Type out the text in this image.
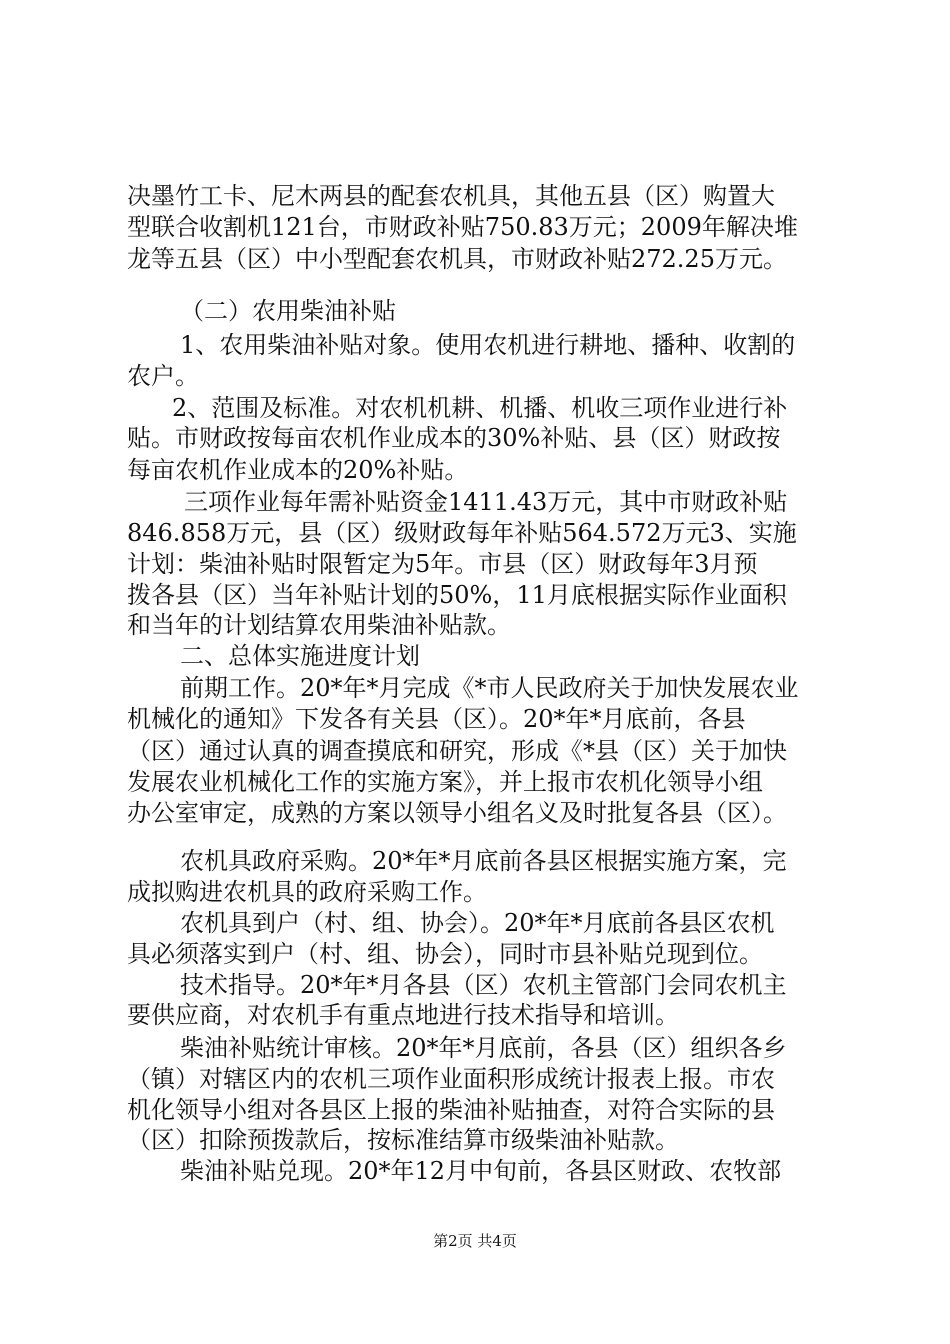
决墨竹工卡、尼木两县的配套农机具，其他五县（区）购置大
型联合收割机121台，市财政补贴750.83万元；2009年解决堆
龙等五县（区）中小型配套农机具，市财政补贴272.25万元。
（二）农用柴油补贴
1、农用柴油补贴对象。使用农机进行耕地、播种、收割的
农户。
2、范围及标准。对农机机耕、机播、机收三项作业进行补
贴。市财政按每亩农机作业成本的30%补贴、县（区）财政按
每亩农机作业成本的20%补贴。
三项作业每年需补贴资金1411.43万元，其中市财政补贴
846.858万元，县（区）级财政每年补贴564.572万元3、实施
计划：柴油补贴时限暂定为5年。市县（区）财政每年3月预
拨各县（区）当年补贴计划的50%，11月底根据实际作业面积
和当年的计划结算农用柴油补贴款。
二、总体实施进度计划
前期工作。20*年*月完成《*市人民政府关于加快发展农业
机械化的通知》下发各有关县（区）。20*年*月底前，各县
（区）通过认真的调查摸底和研究，形成《*县（区）关于加快
发展农业机械化工作的实施方案》，并上报市农机化领导小组
办公室审定，成熟的方案以领导小组名义及时批复各县（区）。
农机具政府采购。20*年*月底前各县区根据实施方案，完
成拟购进农机具的政府采购工作。
农机具到户（村、组、协会）。20*年*月底前各县区农机
具必须落实到户（村、组、协会），同时市县补贴兑现到位。
技术指导。20*年*月各县（区）农机主管部门会同农机主
要供应商，对农机手有重点地进行技术指导和培训。
柴油补贴统计审核。20*年*月底前，各县（区）组织各乡
（镇）对辖区内的农机三项作业面积形成统计报表上报。市农
机化领导小组对各县区上报的柴油补贴抽查，对符合实际的县
（区）扣除预拨款后，按标准结算市级柴油补贴款。
柴油补贴兑现。20*年12月中旬前，各县区财政、农牧部
第2页 共4页
